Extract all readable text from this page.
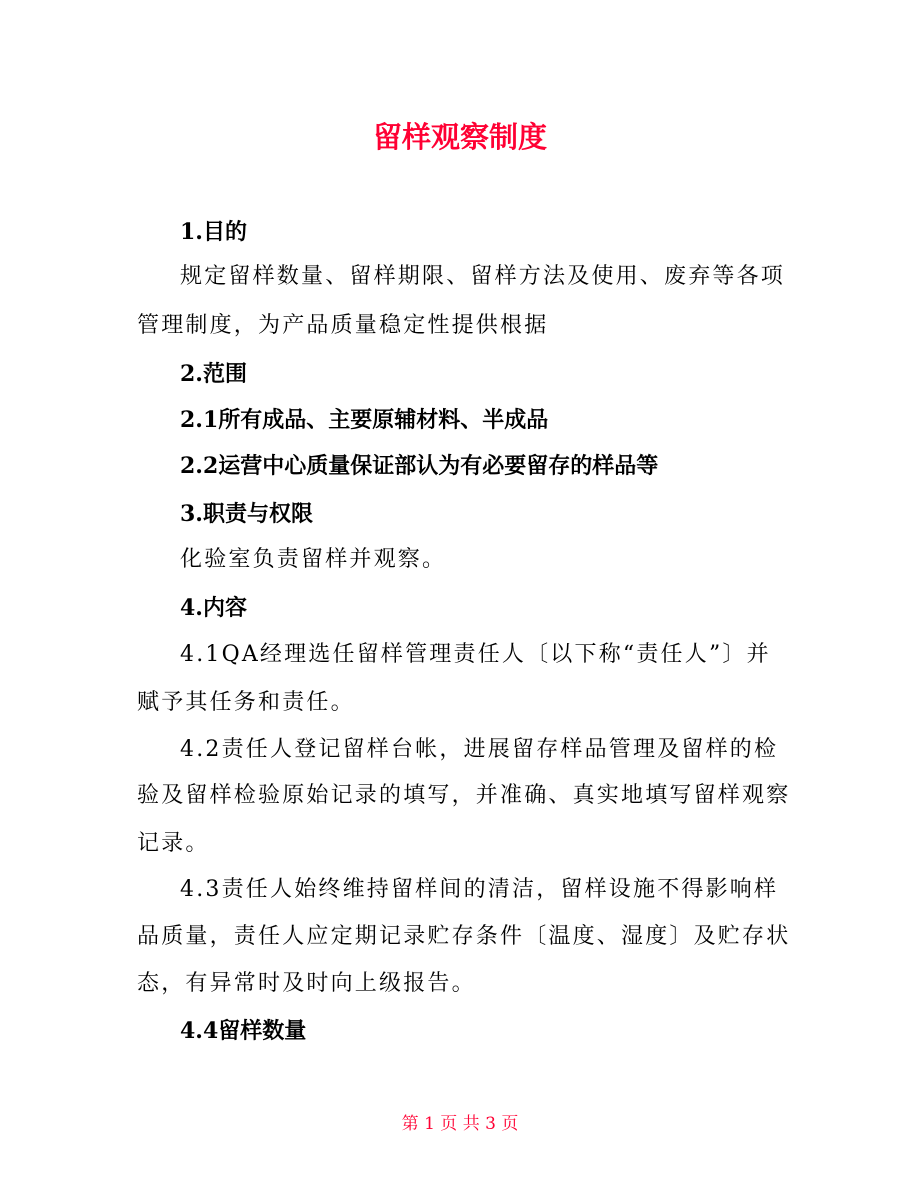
留样观察制度
1.目的
规定留样数量、留样期限、留样方法及使用、废弃等各项
管理制度，为产品质量稳定性提供根据
2.范围
2.1所有成品、主要原辅材料、半成品
2.2运营中心质量保证部认为有必要留存的样品等
3.职责与权限
化验室负责留样并观察。
4.内容
4.1QA经理选任留样管理责任人〔以下称“责任人”〕并
赋予其任务和责任。
4.2责任人登记留样台帐，进展留存样品管理及留样的检
验及留样检验原始记录的填写，并准确、真实地填写留样观察
记录。
4.3责任人始终维持留样间的清洁，留样设施不得影响样
品质量，责任人应定期记录贮存条件〔温度、湿度〕及贮存状
态，有异常时及时向上级报告。
4.4留样数量
第 1 页 共 3 页
